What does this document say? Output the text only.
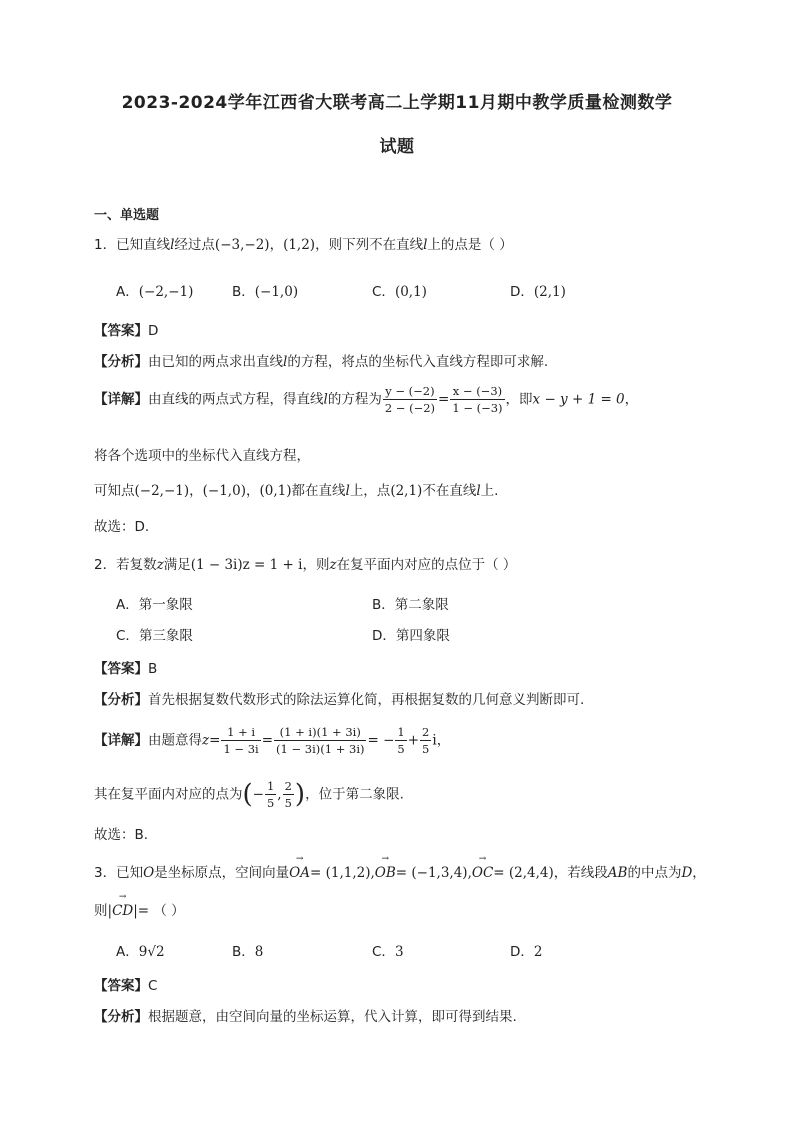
2023-2024学年江西省大联考高二上学期11月期中教学质量检测数学
试题
一、单选题
1．已知直线l经过点(−3,−2)，(1,2)，则下列不在直线l上的点是（ ）
A．(−2,−1)	B．(−1,0)	C．(0,1)	D．(2,1)
【答案】D
【分析】由已知的两点求出直线l的方程，将点的坐标代入直线方程即可求解.
【详解】由直线的两点式方程，得直线l的方程为 $\frac{y - (-2)}{2 - (-2)} = \frac{x - (-3)}{1 - (-3)}$ ，即x − y + 1 = 0，
将各个选项中的坐标代入直线方程，
可知点(−2,−1)，(−1,0)，(0,1)都在直线l上，点(2,1)不在直线l上.
故选：D.
2．若复数z满足(1 − 3i)z = 1 + i，则z在复平面内对应的点位于（ ）
A．第一象限	B．第二象限
C．第三象限	D．第四象限
【答案】B
【分析】首先根据复数代数形式的除法运算化简，再根据复数的几何意义判断即可.
【详解】由题意得$z= \frac{1 + i}{1 - 3i} = \frac{(1 + i)(1 + 3i)}{(1 - 3i)(1 + 3i)}$ = − $\frac{1}{5} + \frac{2}{5}$ i，
其在复平面内对应的点为(− $\frac{1}{5}$ , $\frac{2}{5}$ )，位于第二象限.
故选：B.
3．已知O是坐标原点，空间向量→ OA= (1,1,2),→ OB= (−1,3,4),→ OC= (2,4,4)，若线段AB的中点为D，
则|→ CD|= （ ）
A．9√2	B．8	C．3	D．2
【答案】C
【分析】根据题意，由空间向量的坐标运算，代入计算，即可得到结果.
